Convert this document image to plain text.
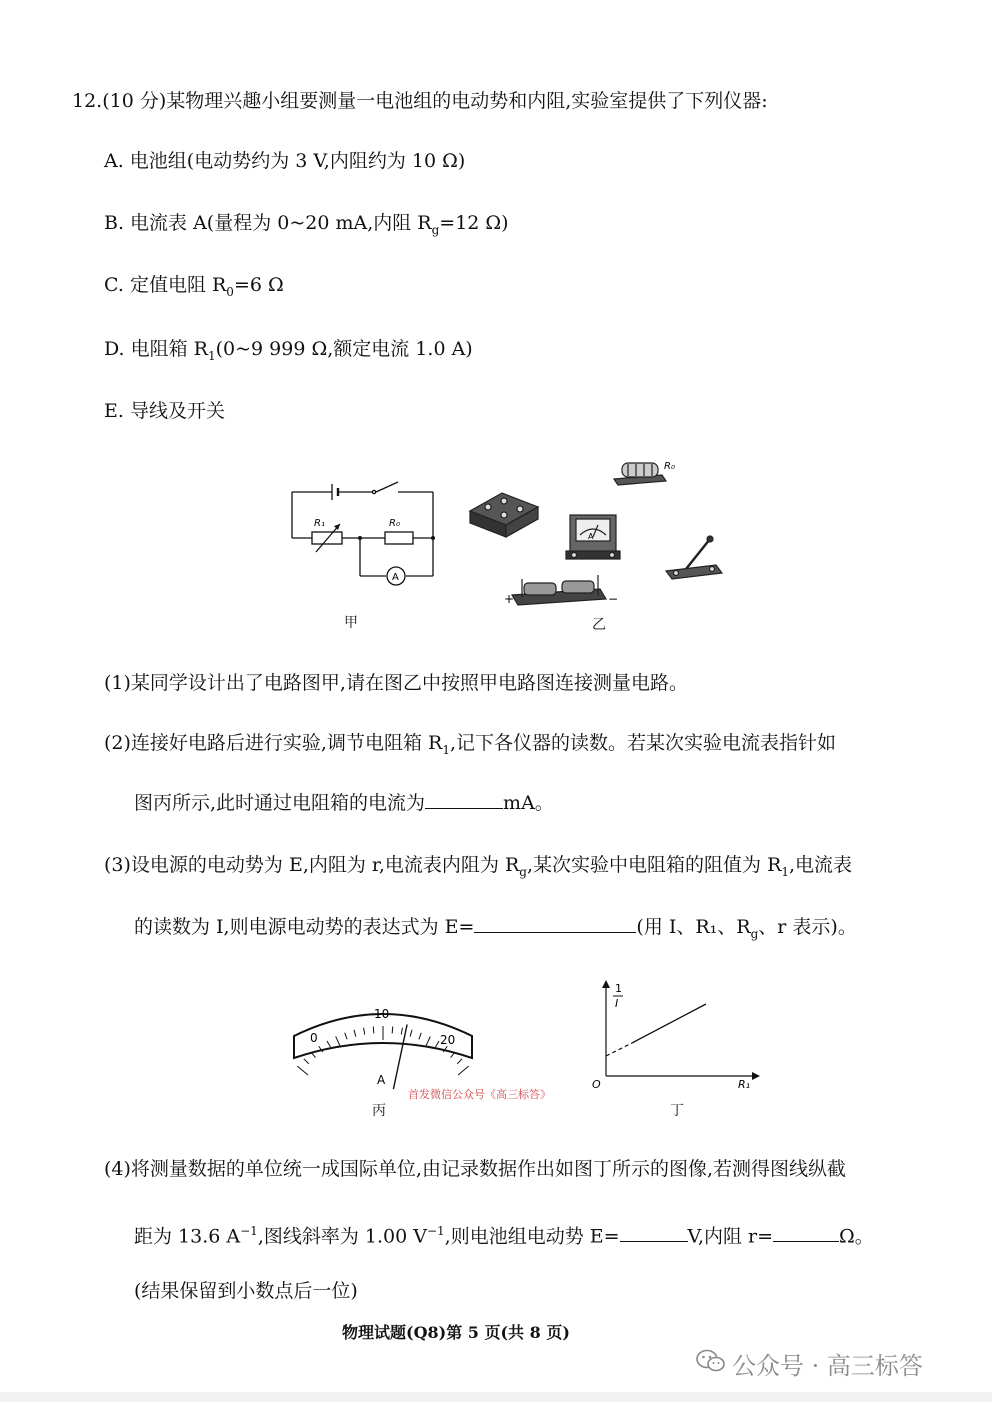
12.(10 分)某物理兴趣小组要测量一电池组的电动势和内阻,实验室提供了下列仪器:
A. 电池组(电动势约为 3 V,内阻约为 10 Ω)
B. 电流表 A(量程为 0~20 mA,内阻 $R_g=12$ Ω)
C. 定值电阻 $R_0=6$ Ω
D. 电阻箱 $R_1(0\sim 9$ 999 Ω,额定电流 1.0 A)
E. 导线及开关
R₁	R₀
A
甲
R₀
A
+	−
乙
(1)某同学设计出了电路图甲,请在图乙中按照甲电路图连接测量电路。
(2)连接好电路后进行实验,调节电阻箱 $R_1$,记下各仪器的读数。若某次实验电流表指针如
图丙所示,此时通过电阻箱的电流为	mA。
(3)设电源的电动势为 E,内阻为 r,电流表内阻为 $R_g$,某次实验中电阻箱的阻值为 $R_1$,电流表
的读数为 I,则电源电动势的表达式为 E=	(用 I、R₁、$R_g$、r 表示)。
0
10
20
A
丙
1
I
O	R₁
丁
首发微信公众号《高三标答》
(4)将测量数据的单位统一成国际单位,由记录数据作出如图丁所示的图像,若测得图线纵截
距为 13.6 $A^{-1}$,图线斜率为 1.00 $V^{-1}$,则电池组电动势 E=	V,内阻 r=	Ω。
(结果保留到小数点后一位)
物理试题(Q8)第 5 页(共 8 页)
公众号 · 高三标答
